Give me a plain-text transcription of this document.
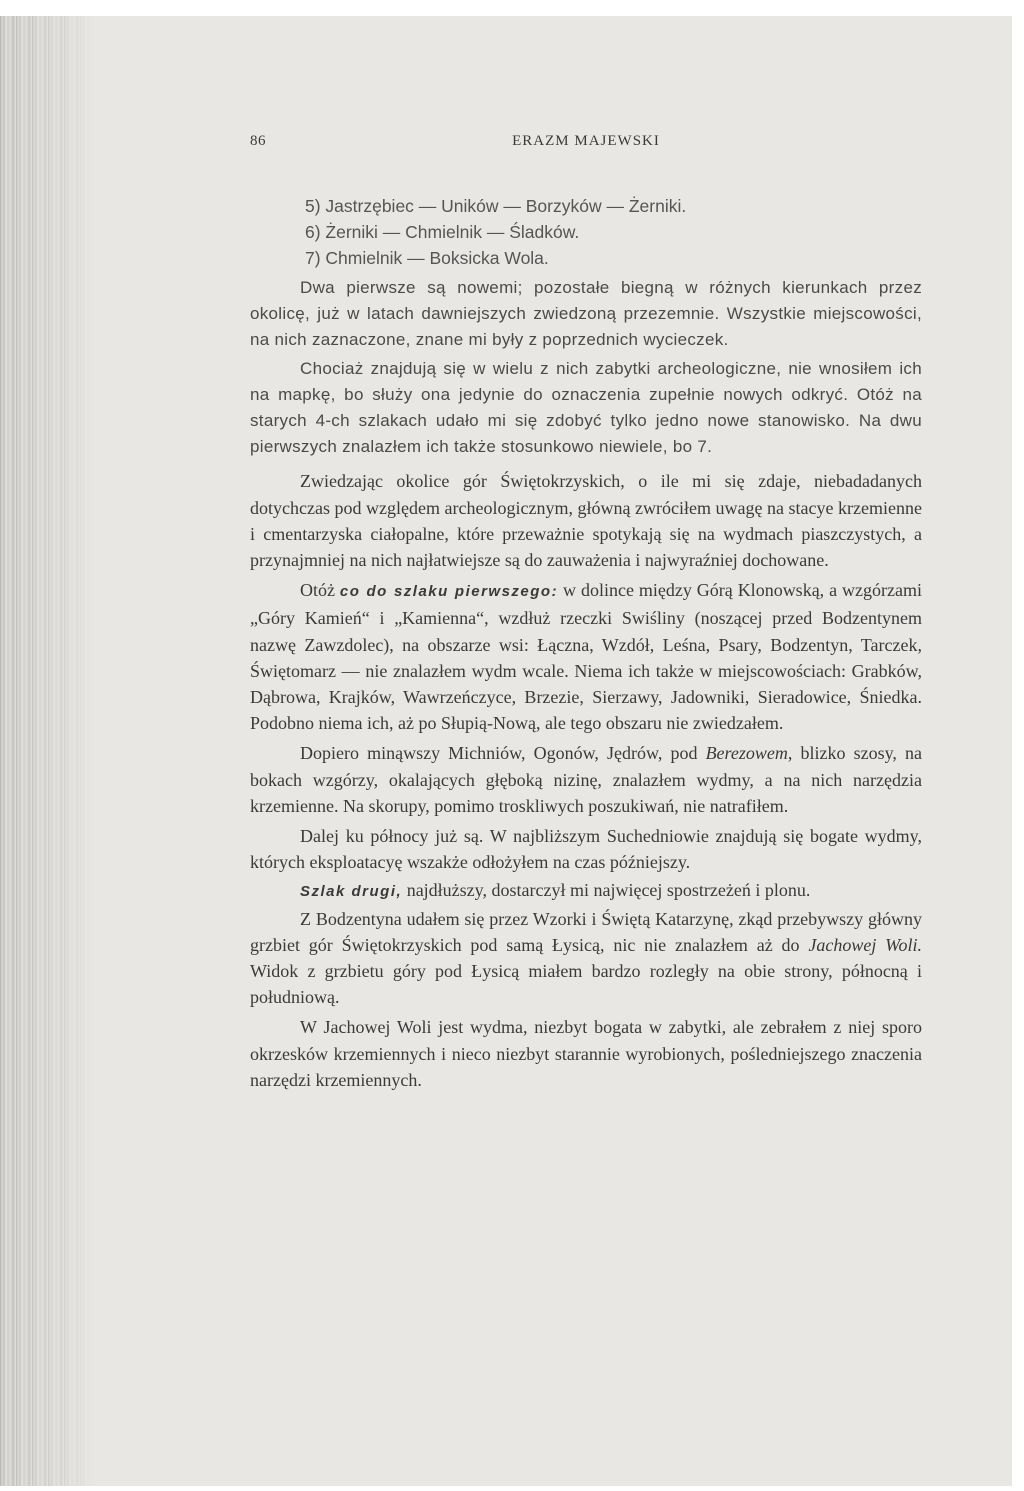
86	ERAZM MAJEWSKI
5) Jastrzębiec — Uników — Borzyków — Żerniki.
6) Żerniki — Chmielnik — Śladków.
7) Chmielnik — Boksicka Wola.

Dwa pierwsze są nowemi; pozostałe biegną w różnych kierunkach przez okolicę, już w latach dawniejszych zwiedzoną przezemnie. Wszystkie miejscowości, na nich zaznaczone, znane mi były z poprzednich wycieczek.

Chociaż znajdują się w wielu z nich zabytki archeologiczne, nie wnosiłem ich na mapkę, bo służy ona jedynie do oznaczenia zupełnie nowych odkryć. Otóż na starych 4-ch szlakach udało mi się zdobyć tylko jedno nowe stanowisko. Na dwu pierwszych znalazłem ich także stosunkowo niewiele, bo 7.

Zwiedzając okolice gór Świętokrzyskich, o ile mi się zdaje, niebadadanych dotychczas pod względem archeologicznym, główną zwróciłem uwagę na stacye krzemienne i cmentarzyska ciałopalne, które przeważnie spotykają się na wydmach piaszczystych, a przynajmniej na nich najłatwiejsze są do zauważenia i najwyraźniej dochowane.

Otóż co do szlaku pierwszego: w dolince między Górą Klonowską, a wzgórzami „Góry Kamień“ i „Kamienna“, wzdłuż rzeczki Swiśliny (noszącej przed Bodzentynem nazwę Zawzdolec), na obszarze wsi: Łączna, Wzdół, Leśna, Psary, Bodzentyn, Tarczek, Świętomarz — nie znalazłem wydm wcale. Niema ich także w miejscowościach: Grabków, Dąbrowa, Krajków, Wawrzeńczyce, Brzezie, Sierzawy, Jadowniki, Sieradowice, Śniedka. Podobno niema ich, aż po Słupią-Nową, ale tego obszaru nie zwiedzałem.

Dopiero minąwszy Michniów, Ogonów, Jędrów, pod Berezowem, blizko szosy, na bokach wzgórzy, okalających głęboką nizinę, znalazłem wydmy, a na nich narzędzia krzemienne. Na skorupy, pomimo troskliwych poszukiwań, nie natrafiłem.

Dalej ku północy już są. W najbliższym Suchedniowie znajdują się bogate wydmy, których eksploatacyę wszakże odłożyłem na czas późniejszy.

Szlak drugi, najdłuższy, dostarczył mi najwięcej spostrzeżeń i plonu.

Z Bodzentyna udałem się przez Wzorki i Świętą Katarzynę, zkąd przebywszy główny grzbiet gór Świętokrzyskich pod samą Łysicą, nic nie znalazłem aż do Jachowej Woli. Widok z grzbietu góry pod Łysicą miałem bardzo rozległy na obie strony, północną i południową.

W Jachowej Woli jest wydma, niezbyt bogata w zabytki, ale zebrałem z niej sporo okrzesków krzemiennych i nieco niezbyt starannie wyrobionych, pośledniejszego znaczenia narzędzi krzemiennych.
